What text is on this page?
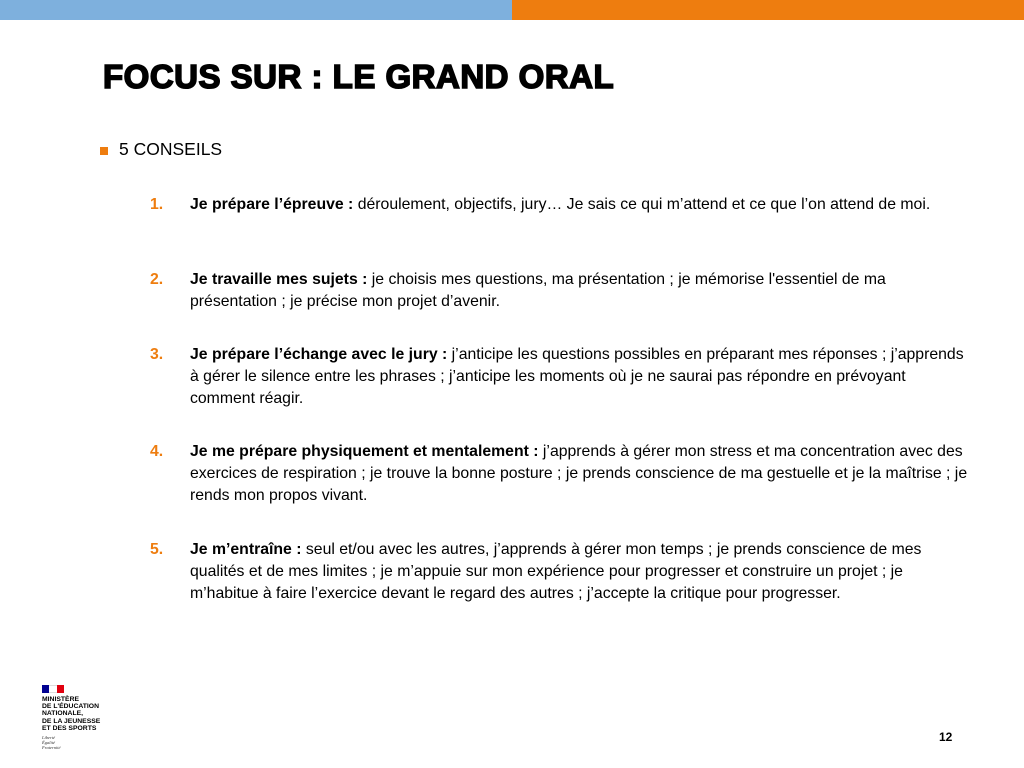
FOCUS SUR : LE GRAND ORAL
5 CONSEILS
1.	Je prépare l’épreuve : déroulement, objectifs, jury… Je sais ce qui m’attend et ce que l’on attend de moi.
2.	Je travaille mes sujets : je choisis mes questions, ma présentation ; je mémorise l'essentiel de ma présentation ; je précise mon projet d’avenir.
3.	Je prépare l’échange avec le jury : j’anticipe les questions possibles en préparant mes réponses ; j’apprends à gérer le silence entre les phrases ; j’anticipe les moments où je ne saurai pas répondre en prévoyant comment réagir.
4.	Je me prépare physiquement et mentalement : j’apprends à gérer mon stress et ma concentration avec des exercices de respiration ; je trouve la bonne posture ; je prends conscience de ma gestuelle et je la maîtrise ; je rends mon propos vivant.
5.	Je m’entraîne : seul et/ou avec les autres, j’apprends à gérer mon temps ; je prends conscience de mes qualités et de mes limites ; je m’appuie sur mon expérience pour progresser et construire un projet ; je m’habitue à faire l’exercice devant le regard des autres ; j’accepte la critique pour progresser.
MINISTÈRE
DE L'ÉDUCATION
NATIONALE,
DE LA JEUNESSE
ET DES SPORTS
Liberté
Égalité
Fraternité
12
